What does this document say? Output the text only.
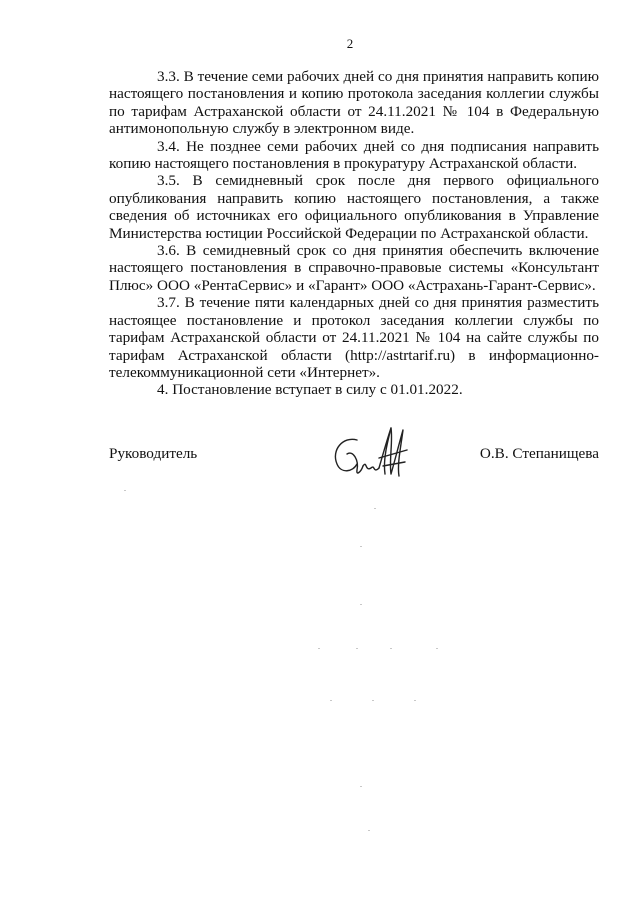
2

3.3. В течение семи рабочих дней со дня принятия направить копию настоящего постановления и копию протокола заседания коллегии службы по тарифам Астраханской области от 24.11.2021 № 104 в Федеральную антимонопольную службу в электронном виде.

3.4. Не позднее семи рабочих дней со дня подписания направить копию настоящего постановления в прокуратуру Астраханской области.

3.5. В семидневный срок после дня первого официального опубликования направить копию настоящего постановления, а также сведения об источниках его официального опубликования в Управление Министерства юстиции Российской Федерации по Астраханской области.

3.6. В семидневный срок со дня принятия обеспечить включение настоящего постановления в справочно-правовые системы «Консультант Плюс» ООО «РентаСервис» и «Гарант» ООО «Астрахань-Гарант-Сервис».

3.7. В течение пяти календарных дней со дня принятия разместить настоящее постановление и протокол заседания коллегии службы по тарифам Астраханской области от 24.11.2021 № 104 на сайте службы по тарифам Астраханской области (http://astrtarif.ru) в информационно-телекоммуникационной сети «Интернет».

4. Постановление вступает в силу с 01.01.2022.

Руководитель	О.В. Степанищева
